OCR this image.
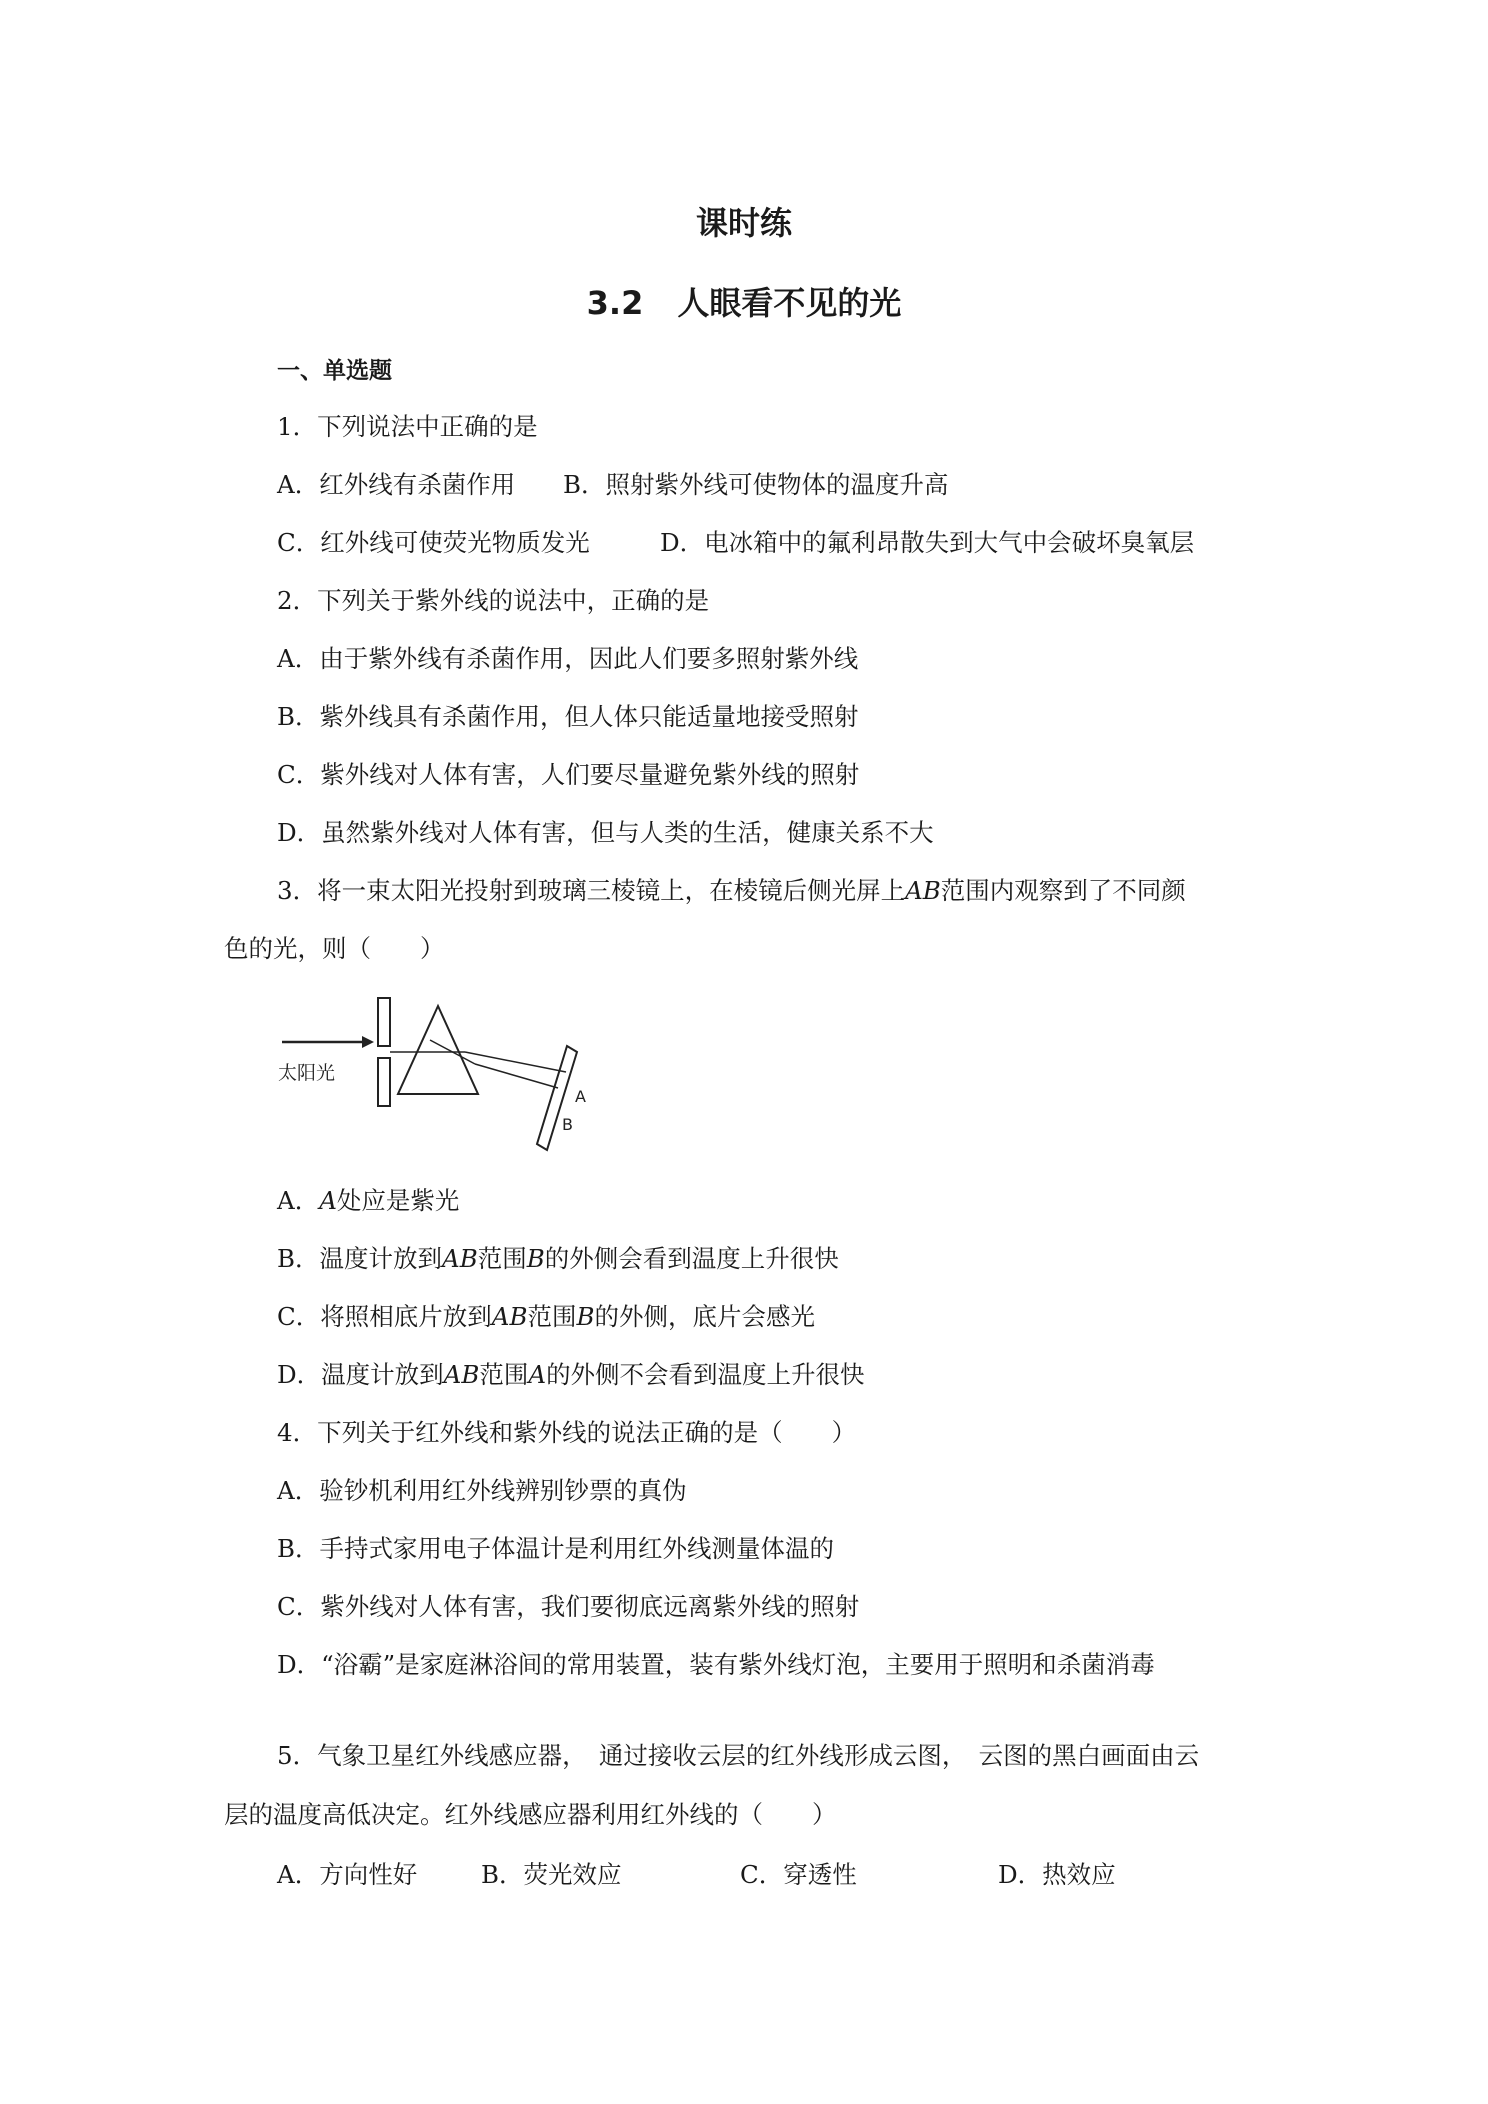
课时练
3.2 人眼看不见的光
一、单选题
1．下列说法中正确的是
A．红外线有杀菌作用 B．照射紫外线可使物体的温度升高
C．红外线可使荧光物质发光	D．电冰箱中的氟利昂散失到大气中会破坏臭氧层
2．下列关于紫外线的说法中，正确的是
A．由于紫外线有杀菌作用，因此人们要多照射紫外线
B．紫外线具有杀菌作用，但人体只能适量地接受照射
C．紫外线对人体有害，人们要尽量避免紫外线的照射
D．虽然紫外线对人体有害，但与人类的生活，健康关系不大
3．将一束太阳光投射到玻璃三棱镜上，在棱镜后侧光屏上AB范围内观察到了不同颜
色的光，则（　　）
太阳光
A
B
A．A处应是紫光
B．温度计放到AB范围B的外侧会看到温度上升很快
C．将照相底片放到AB范围B的外侧，底片会感光
D．温度计放到AB范围A的外侧不会看到温度上升很快
4．下列关于红外线和紫外线的说法正确的是（　　）
A．验钞机利用红外线辨别钞票的真伪
B．手持式家用电子体温计是利用红外线测量体温的
C．紫外线对人体有害，我们要彻底远离紫外线的照射
D．“浴霸”是家庭淋浴间的常用装置，装有紫外线灯泡，主要用于照明和杀菌消毒
5．气象卫星红外线感应器，　通过接收云层的红外线形成云图，　云图的黑白画面由云
层的温度高低决定。红外线感应器利用红外线的（　　）
A．方向性好	B．荧光效应	C．穿透性	D．热效应
